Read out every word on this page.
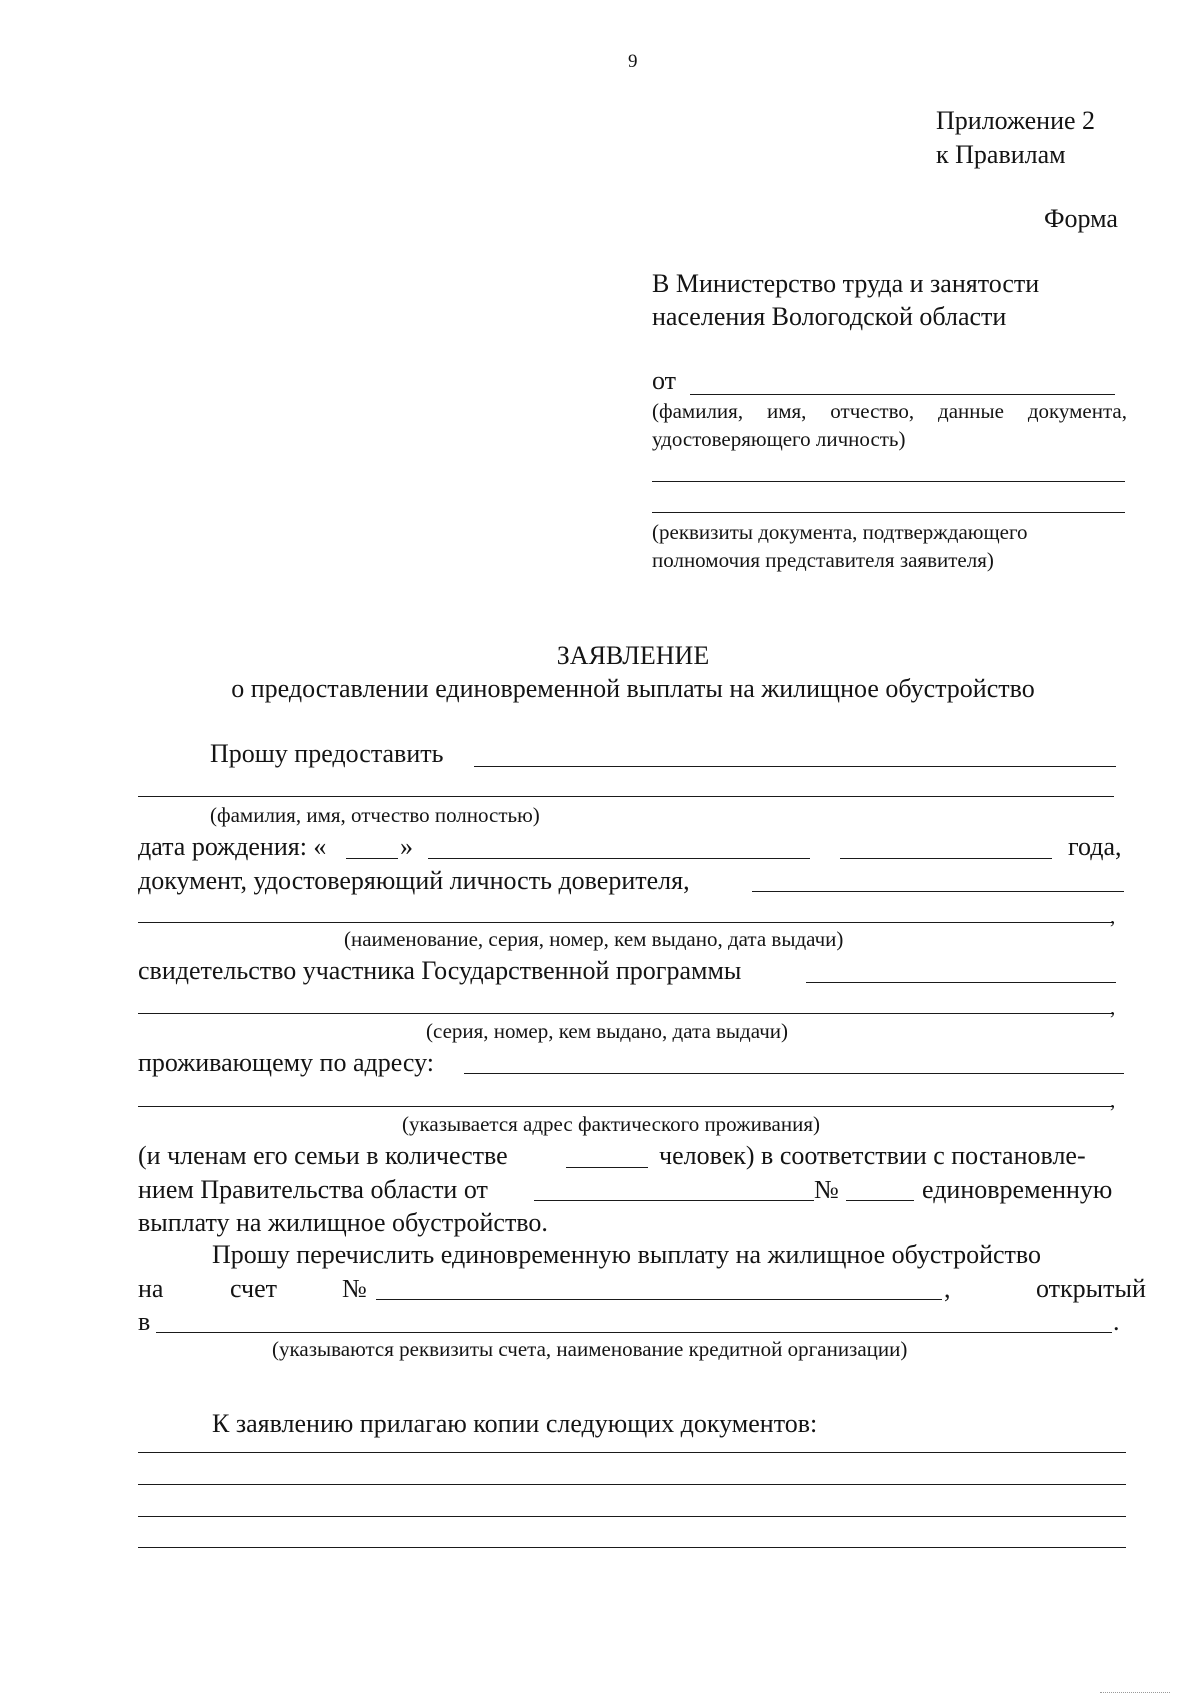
9
Приложение 2
к Правилам
Форма
В Министерство труда и занятости
населения Вологодской области
от
(фамилия, имя, отчество, данные документа,
удостоверяющего личность)
(реквизиты документа, подтверждающего
полномочия представителя заявителя)
ЗАЯВЛЕНИЕ
о предоставлении единовременной выплаты на жилищное обустройство
Прошу предоставить
(фамилия, имя, отчество полностью)
дата рождения: «	»	года,
документ, удостоверяющий личность доверителя,
,
(наименование, серия, номер, кем выдано, дата выдачи)
свидетельство участника Государственной программы
,
(серия, номер, кем выдано, дата выдачи)
проживающему по адресу:
,
(указывается адрес фактического проживания)
(и членам его семьи в количестве	человек) в соответствии с постановле-
нием Правительства области от	№	единовременную
выплату на жилищное обустройство.
Прошу перечислить единовременную выплату на жилищное обустройство
на	счет	№	,	открытый
в	.
(указываются реквизиты счета, наименование кредитной организации)
К заявлению прилагаю копии следующих документов:
